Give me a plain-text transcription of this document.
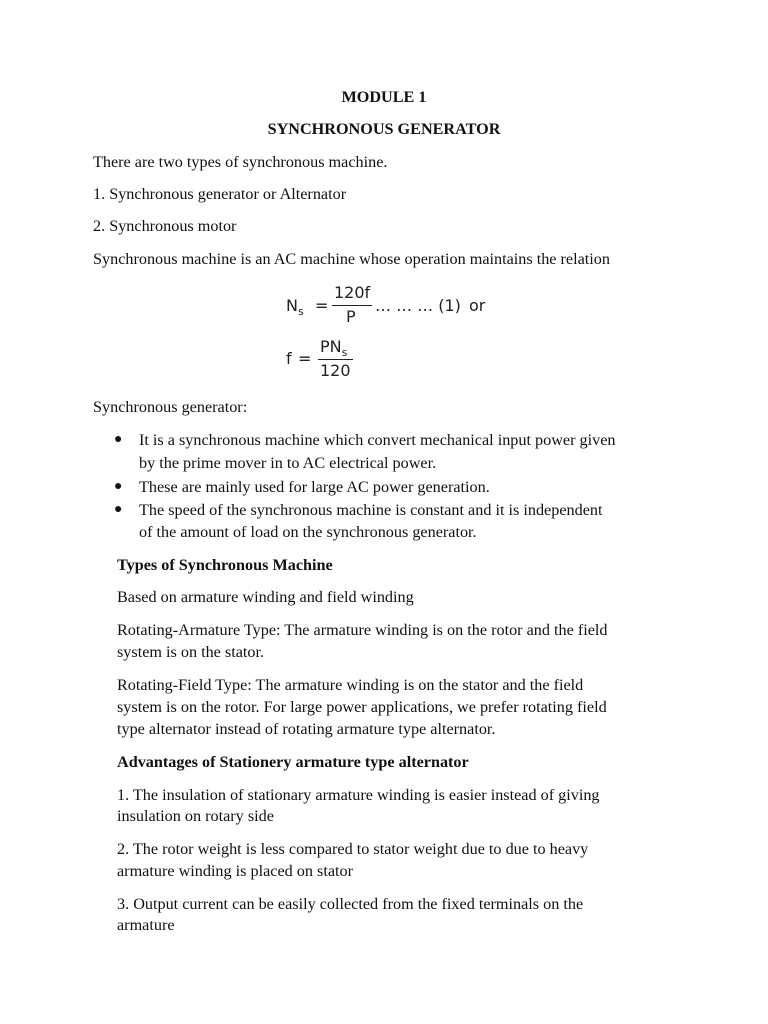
MODULE 1
SYNCHRONOUS GENERATOR
There are two types of synchronous machine.
1. Synchronous generator or Alternator
2. Synchronous motor
Synchronous machine is an AC machine whose operation maintains the relation
$N_s$ =
120f
P
… … … (1) or
f =
$PN_s$
120
Synchronous generator:
● It is a synchronous machine which convert mechanical input power given
by the prime mover in to AC electrical power.
● These are mainly used for large AC power generation.
● The speed of the synchronous machine is constant and it is independent
of the amount of load on the synchronous generator.
Types of Synchronous Machine
Based on armature winding and field winding
Rotating-Armature Type: The armature winding is on the rotor and the field
system is on the stator.
Rotating-Field Type: The armature winding is on the stator and the field
system is on the rotor. For large power applications, we prefer rotating field
type alternator instead of rotating armature type alternator.
Advantages of Stationery armature type alternator
1. The insulation of stationary armature winding is easier instead of giving
insulation on rotary side
2. The rotor weight is less compared to stator weight due to due to heavy
armature winding is placed on stator
3. Output current can be easily collected from the fixed terminals on the
armature
